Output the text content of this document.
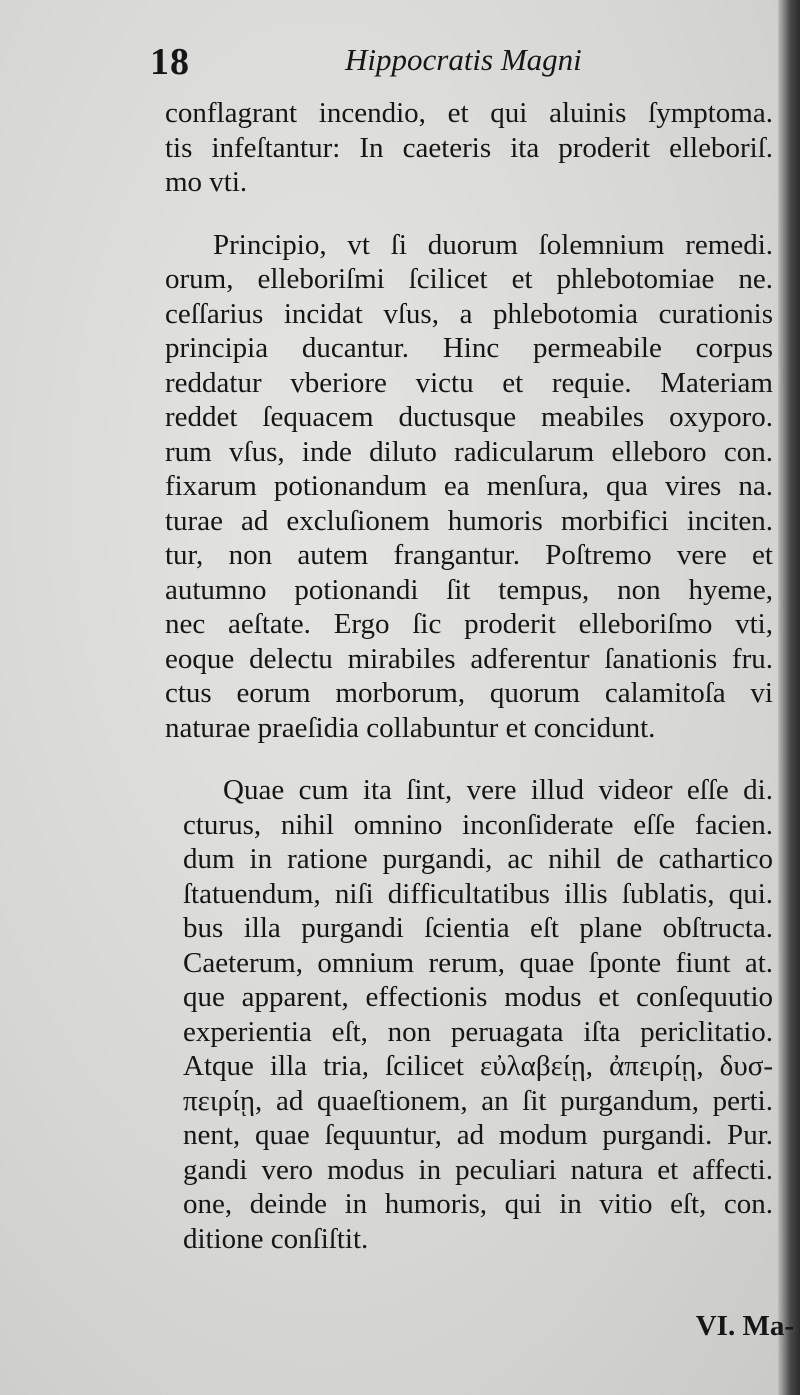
18	Hippocratis Magni
conflagrant incendio, et qui aluinis ſymptoma.
tis infeſtantur: In caeteris ita proderit elleboriſ.
mo vti.
Principio, vt ſi duorum ſolemnium remedi.
orum, elleboriſmi ſcilicet et phlebotomiae ne.
ceſſarius incidat vſus, a phlebotomia curationis
principia ducantur. Hinc permeabile corpus
reddatur vberiore victu et requie. Materiam
reddet ſequacem ductusque meabiles oxyporo.
rum vſus, inde diluto radicularum elleboro con.
fixarum potionandum ea menſura, qua vires na.
turae ad excluſionem humoris morbifici inciten.
tur, non autem frangantur. Poſtremo vere et
autumno potionandi ſit tempus, non hyeme,
nec aeſtate. Ergo ſic proderit elleboriſmo vti,
eoque delectu mirabiles adferentur ſanationis fru.
ctus eorum morborum, quorum calamitoſa vi
naturae praeſidia collabuntur et concidunt.
Quae cum ita ſint, vere illud videor eſſe di.
cturus, nihil omnino inconſiderate eſſe facien.
dum in ratione purgandi, ac nihil de cathartico
ſtatuendum, niſi difficultatibus illis ſublatis, qui.
bus illa purgandi ſcientia eſt plane obſtructa.
Caeterum, omnium rerum, quae ſponte fiunt at.
que apparent, effectionis modus et conſequutio
experientia eſt, non peruagata iſta periclitatio.
Atque illa tria, ſcilicet εὐλαβείῃ, ἀπειρίῃ, δυσ-
πειρίῃ, ad quaeſtionem, an ſit purgandum, perti.
nent, quae ſequuntur, ad modum purgandi. Pur.
gandi vero modus in peculiari natura et affecti.
one, deinde in humoris, qui in vitio eſt, con.
ditione conſiſtit.
VI. Ma-
